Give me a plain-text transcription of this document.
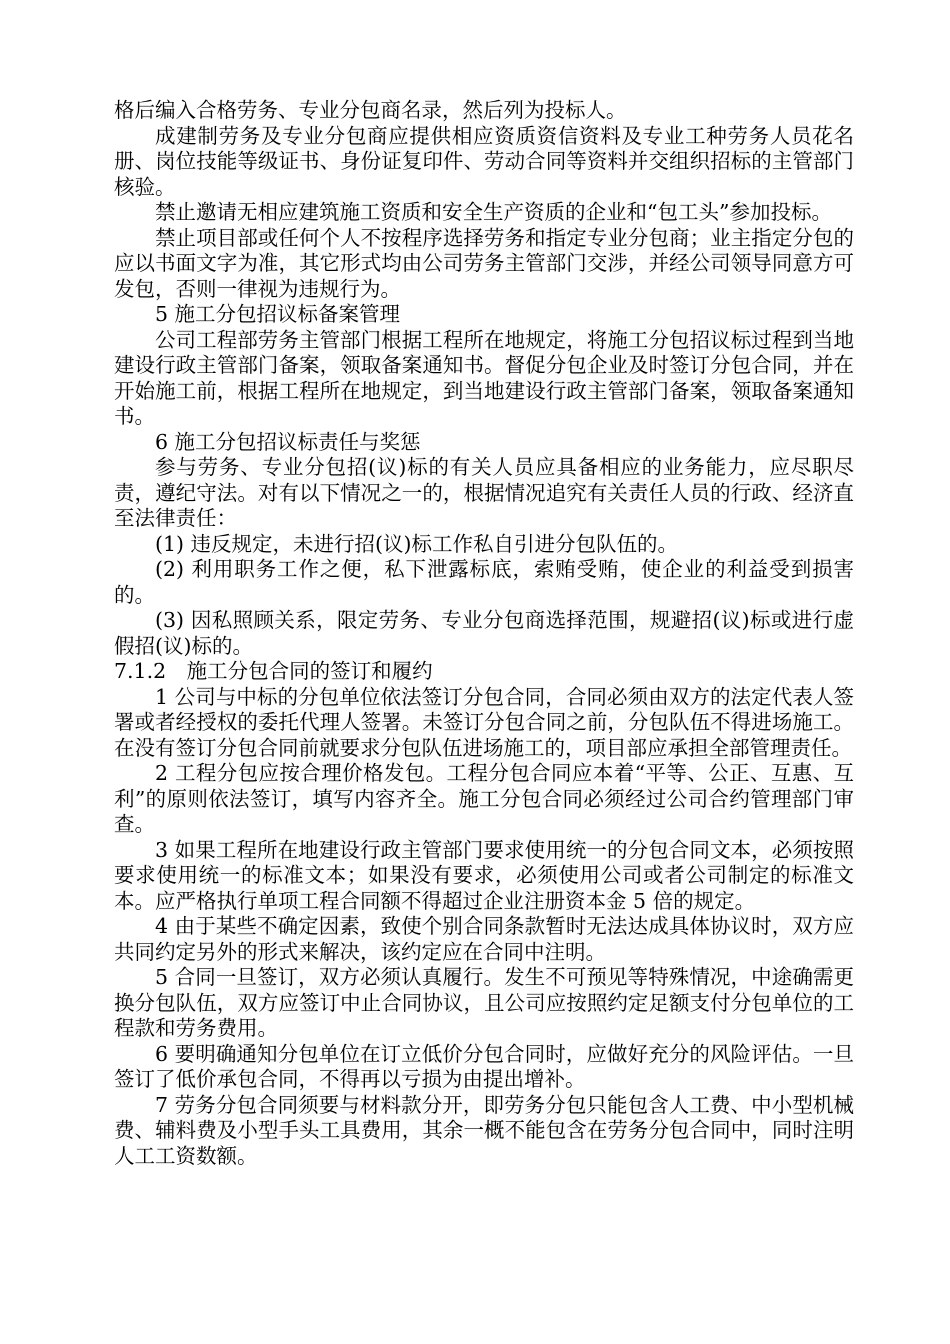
格后编入合格劳务、专业分包商名录，然后列为投标人。

成建制劳务及专业分包商应提供相应资质资信资料及专业工种劳务人员花名册、岗位技能等级证书、身份证复印件、劳动合同等资料并交组织招标的主管部门核验。

禁止邀请无相应建筑施工资质和安全生产资质的企业和“包工头”参加投标。

禁止项目部或任何个人不按程序选择劳务和指定专业分包商；业主指定分包的应以书面文字为准，其它形式均由公司劳务主管部门交涉，并经公司领导同意方可发包，否则一律视为违规行为。

5 施工分包招议标备案管理

公司工程部劳务主管部门根据工程所在地规定，将施工分包招议标过程到当地建设行政主管部门备案，领取备案通知书。督促分包企业及时签订分包合同，并在开始施工前，根据工程所在地规定，到当地建设行政主管部门备案，领取备案通知书。

6 施工分包招议标责任与奖惩

参与劳务、专业分包招(议)标的有关人员应具备相应的业务能力，应尽职尽责，遵纪守法。对有以下情况之一的，根据情况追究有关责任人员的行政、经济直至法律责任：

(1) 违反规定，未进行招(议)标工作私自引进分包队伍的。

(2) 利用职务工作之便，私下泄露标底，索贿受贿，使企业的利益受到损害的。

(3) 因私照顾关系，限定劳务、专业分包商选择范围，规避招(议)标或进行虚假招(议)标的。

7.1.2　施工分包合同的签订和履约

1 公司与中标的分包单位依法签订分包合同，合同必须由双方的法定代表人签署或者经授权的委托代理人签署。未签订分包合同之前，分包队伍不得进场施工。在没有签订分包合同前就要求分包队伍进场施工的，项目部应承担全部管理责任。

2 工程分包应按合理价格发包。工程分包合同应本着“平等、公正、互惠、互利”的原则依法签订，填写内容齐全。施工分包合同必须经过公司合约管理部门审查。

3 如果工程所在地建设行政主管部门要求使用统一的分包合同文本，必须按照要求使用统一的标准文本；如果没有要求，必须使用公司或者公司制定的标准文本。应严格执行单项工程合同额不得超过企业注册资本金 5 倍的规定。

4 由于某些不确定因素，致使个别合同条款暂时无法达成具体协议时，双方应共同约定另外的形式来解决，该约定应在合同中注明。

5 合同一旦签订，双方必须认真履行。发生不可预见等特殊情况，中途确需更换分包队伍，双方应签订中止合同协议，且公司应按照约定足额支付分包单位的工程款和劳务费用。

6 要明确通知分包单位在订立低价分包合同时，应做好充分的风险评估。一旦签订了低价承包合同，不得再以亏损为由提出增补。

7 劳务分包合同须要与材料款分开，即劳务分包只能包含人工费、中小型机械费、辅料费及小型手头工具费用，其余一概不能包含在劳务分包合同中，同时注明人工工资数额。
